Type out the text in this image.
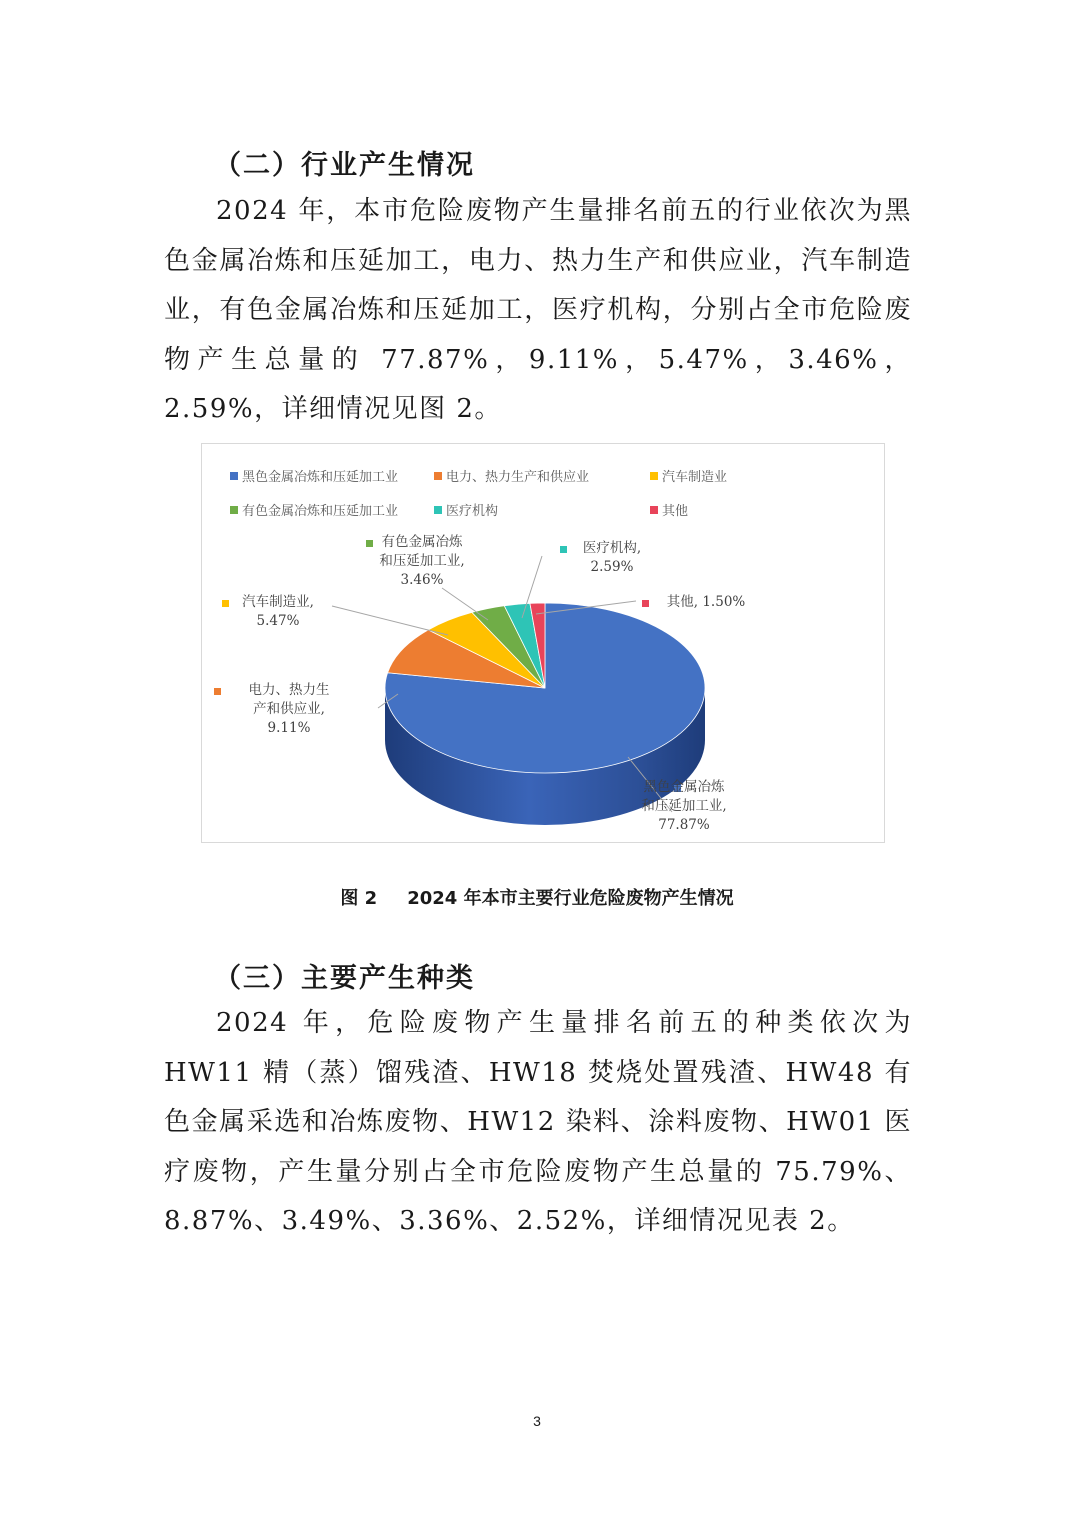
（二）行业产生情况

2024 年，本市危险废物产生量排名前五的行业依次为黑色金属冶炼和压延加工，电力、热力生产和供应业，汽车制造业，有色金属冶炼和压延加工，医疗机构，分别占全市危险废物产生总量的 77.87%，9.11%，5.47%，3.46%，2.59%，详细情况见图 2。

黑色金属冶炼和压延加工业	电力、热力生产和供应业	汽车制造业
有色金属冶炼和压延加工业	医疗机构	其他
黑色金属冶炼
和压延加工业,
77.87%
电力、热力生
产和供应业,
9.11%
汽车制造业,
5.47%
有色金属冶炼
和压延加工业,
3.46%
医疗机构,
2.59%
其他, 1.50%
图 2 2024 年本市主要行业危险废物产生情况
（三）主要产生种类

2024 年，危险废物产生量排名前五的种类依次为 HW11 精（蒸）馏残渣、HW18 焚烧处置残渣、HW48 有色金属采选和冶炼废物、HW12 染料、涂料废物、HW01 医疗废物，产生量分别占全市危险废物产生总量的 75.79%、8.87%、3.49%、3.36%、2.52%，详细情况见表 2。

3
